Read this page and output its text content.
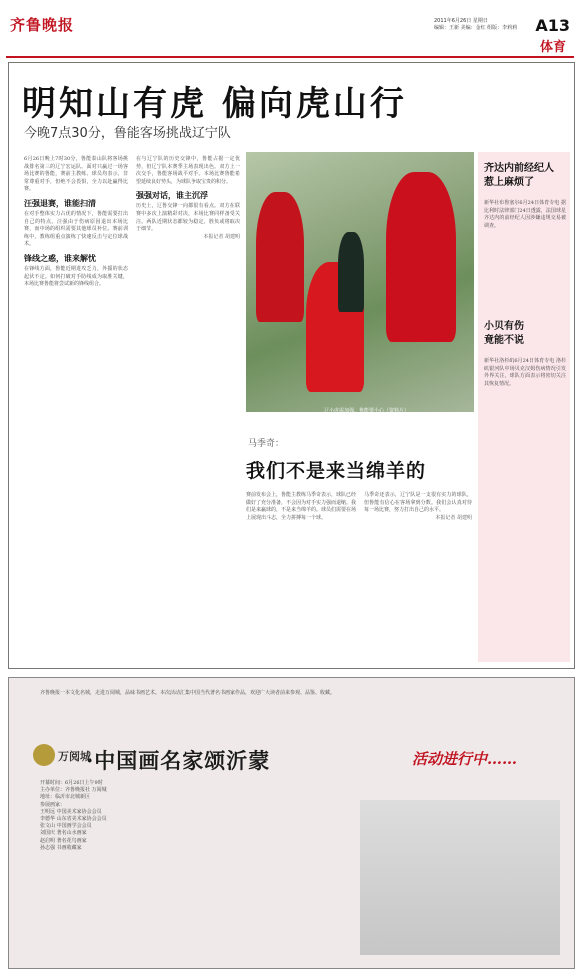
齐鲁晚报	2011年6月26日 星期日
编辑：王新 美编：金红 组版：李莉莉 A13
体育
明知山有虎 偏向虎山行
今晚7点30分，鲁能客场挑战辽宁队
6月26日晚上7时30分，鲁能泰山队将客场挑战排名第三的辽宁宏运队。面对只赢过一场客场比赛的鲁能，赛前主教练、球员均表示，非常尊重对手，但绝不会畏惧，全力以赴赢得比赛。
汪强退赛，谁能扫清
在对手整体实力占优的情况下，鲁能需要打出自己的特点。汪强由于伤病原因退出本场比赛，而中场的组织需要其他球员补位。赛前训练中，教练组重点演练了快速反击与定位球战术。
锋线之惑，谁来解忧
在锋线方面，鲁能近期进攻乏力，外援的状态起伏不定。如何打破对手防线成为取胜关键，本场比赛鲁能将尝试新的锋线组合。
在与辽宁队的历史交锋中，鲁能占据一定优势，但辽宁队本赛季主场表现出色。双方上一次交手，鲁能客场战平对手。本场比赛鲁能希望延续良好势头，为球队争取宝贵的积分。
强强对话，谁主沉浮
历史上，辽鲁交锋一向都很有看点。双方在联赛中多次上演精彩对决，本场比赛同样备受关注。两队近期状态都较为稳定，胜负或将取决于细节。
本报记者 胡建明
辽小虎需加强，鲁能要小心（资料片）
马季奇：
我们不是来当绵羊的
赛前发布会上，鲁能主教练马季奇表示，球队已经做好了充分准备，不会因为对手实力强而退缩。我们是来赢球的，不是来当绵羊的。球员们需要在场上展现出斗志，全力拼搏每一个球。
马季奇还表示，辽宁队是一支很有实力的球队，但鲁能有信心在客场拿到分数。我们会认真对待每一场比赛，努力打出自己的水平。
本报记者 胡建明
齐达内前经纪人
惹上麻烦了
新华社布鲁塞尔6月24日体育专电 据比利时法律部门24日透露，法国球星齐达内的前经纪人因涉嫌违规交易被调查。
小贝有伤
竟能不说
新华社洛杉矶6月24日体育专电 洛杉矶银河队中场贝克汉姆伤病情况引发外界关注，球队方面表示将密切关注其恢复情况。
齐鲁晚报一本文化名城，走进万阅城，品味书画艺术。本次活动汇集中国当代著名书画家作品，欢迎广大读者前来参观、品鉴、收藏。
万阅城
·中国画名家颂沂蒙	活动进行中……
开幕时间：6月26日上午9时
主办单位：齐鲁晚报社 万阅城
地址：临沂市北城新区
参展画家：
王明远 中国美术家协会会员
李德华 山东省美术家协会会员
张文山 中国画学会会员
刘国庆 著名山水画家
赵启明 著名花鸟画家
孙志强 书画收藏家
